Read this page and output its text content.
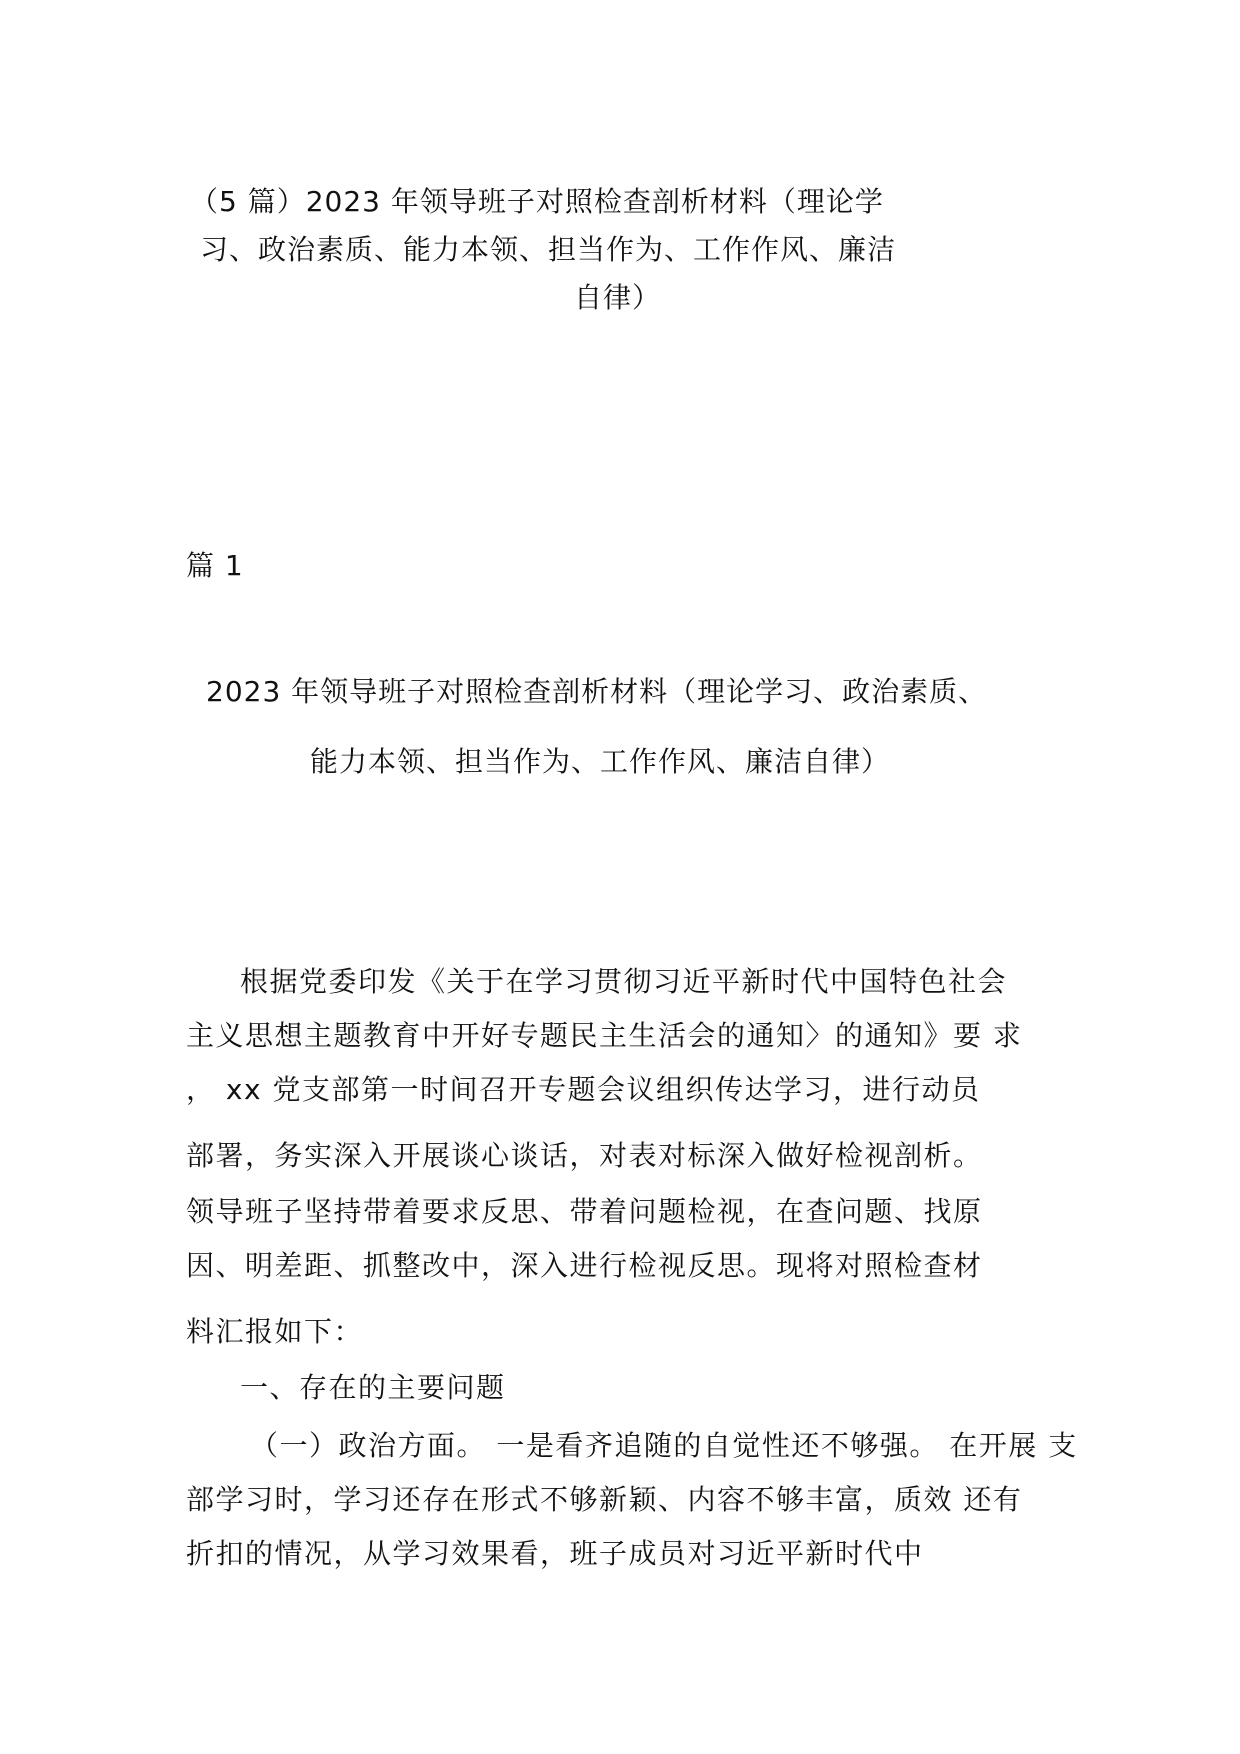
（5 篇）2023 年领导班子对照检查剖析材料（理论学
习、政治素质、能力本领、担当作为、工作作风、廉洁
自律）
篇 1
2023 年领导班子对照检查剖析材料（理论学习、政治素质、
能力本领、担当作为、工作作风、廉洁自律）
根据党委印发《关于在学习贯彻习近平新时代中国特色社会
主义思想主题教育中开好专题民主生活会的通知〉的通知》要 求
， xx 党支部第一时间召开专题会议组织传达学习，进行动员
部署，务实深入开展谈心谈话，对表对标深入做好检视剖析。
领导班子坚持带着要求反思、带着问题检视，在查问题、找原
因、明差距、抓整改中，深入进行检视反思。现将对照检查材
料汇报如下：
一、存在的主要问题
（一）政治方面。 一是看齐追随的自觉性还不够强。 在开展 支
部学习时，学习还存在形式不够新颖、内容不够丰富，质效 还有
折扣的情况，从学习效果看，班子成员对习近平新时代中
